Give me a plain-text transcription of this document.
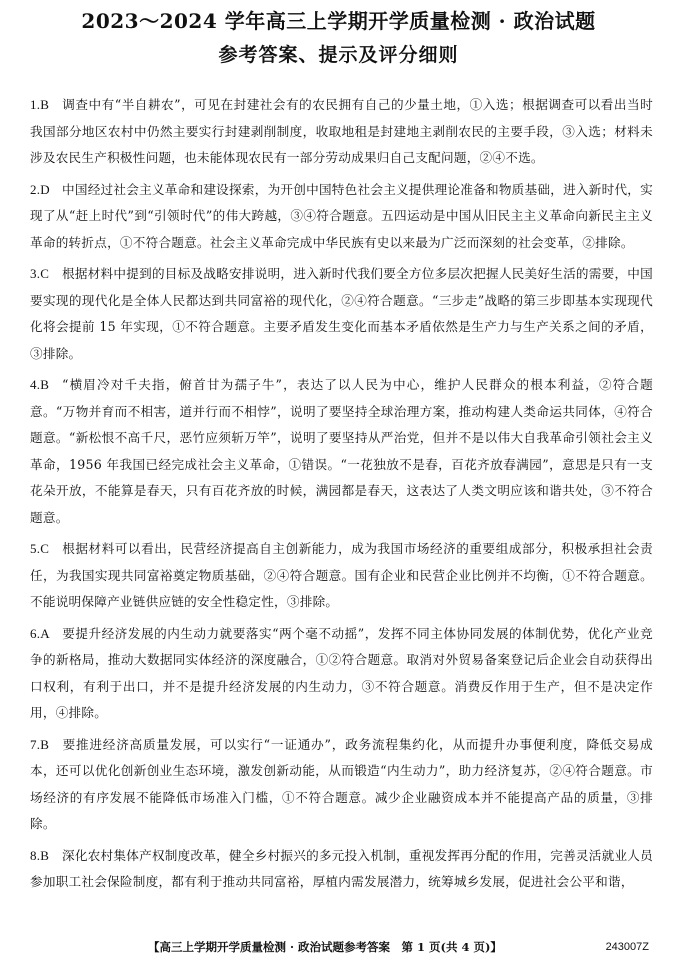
2023～2024 学年高三上学期开学质量检测 · 政治试题
参考答案、提示及评分细则
1.B 调查中有“半自耕农”，可见在封建社会有的农民拥有自己的少量土地，①入选；根据调查可以看出当时我国部分地区农村中仍然主要实行封建剥削制度，收取地租是封建地主剥削农民的主要手段，③入选；材料未涉及农民生产积极性问题，也未能体现农民有一部分劳动成果归自己支配问题，②④不选。
2.D 中国经过社会主义革命和建设探索，为开创中国特色社会主义提供理论准备和物质基础，进入新时代，实现了从“赶上时代”到“引领时代”的伟大跨越，③④符合题意。五四运动是中国从旧民主主义革命向新民主主义革命的转折点，①不符合题意。社会主义革命完成中华民族有史以来最为广泛而深刻的社会变革，②排除。
3.C 根据材料中提到的目标及战略安排说明，进入新时代我们要全方位多层次把握人民美好生活的需要，中国要实现的现代化是全体人民都达到共同富裕的现代化，②④符合题意。“三步走”战略的第三步即基本实现现代化将会提前 15 年实现，①不符合题意。主要矛盾发生变化而基本矛盾依然是生产力与生产关系之间的矛盾，③排除。
4.B “横眉冷对千夫指，俯首甘为孺子牛”，表达了以人民为中心，维护人民群众的根本利益，②符合题意。“万物并育而不相害，道并行而不相悖”，说明了要坚持全球治理方案，推动构建人类命运共同体，④符合题意。“新松恨不高千尺，恶竹应须斩万竿”，说明了要坚持从严治党，但并不是以伟大自我革命引领社会主义革命，1956 年我国已经完成社会主义革命，①错误。“一花独放不是春，百花齐放春满园”，意思是只有一支花朵开放，不能算是春天，只有百花齐放的时候，满园都是春天，这表达了人类文明应该和谐共处，③不符合题意。
5.C 根据材料可以看出，民营经济提高自主创新能力，成为我国市场经济的重要组成部分，积极承担社会责任，为我国实现共同富裕奠定物质基础，②④符合题意。国有企业和民营企业比例并不均衡，①不符合题意。不能说明保障产业链供应链的安全性稳定性，③排除。
6.A 要提升经济发展的内生动力就要落实“两个毫不动摇”，发挥不同主体协同发展的体制优势，优化产业竞争的新格局，推动大数据同实体经济的深度融合，①②符合题意。取消对外贸易备案登记后企业会自动获得出口权利，有利于出口，并不是提升经济发展的内生动力，③不符合题意。消费反作用于生产，但不是决定作用，④排除。
7.B 要推进经济高质量发展，可以实行“一证通办”，政务流程集约化，从而提升办事便利度，降低交易成本，还可以优化创新创业生态环境，激发创新动能，从而锻造“内生动力”，助力经济复苏，②④符合题意。市场经济的有序发展不能降低市场准入门槛，①不符合题意。减少企业融资成本并不能提高产品的质量，③排除。
8.B 深化农村集体产权制度改革，健全乡村振兴的多元投入机制，重视发挥再分配的作用，完善灵活就业人员参加职工社会保险制度，都有利于推动共同富裕，厚植内需发展潜力，统筹城乡发展，促进社会公平和谐，
【高三上学期开学质量检测 · 政治试题参考答案　第 1 页(共 4 页)】	243007Z
